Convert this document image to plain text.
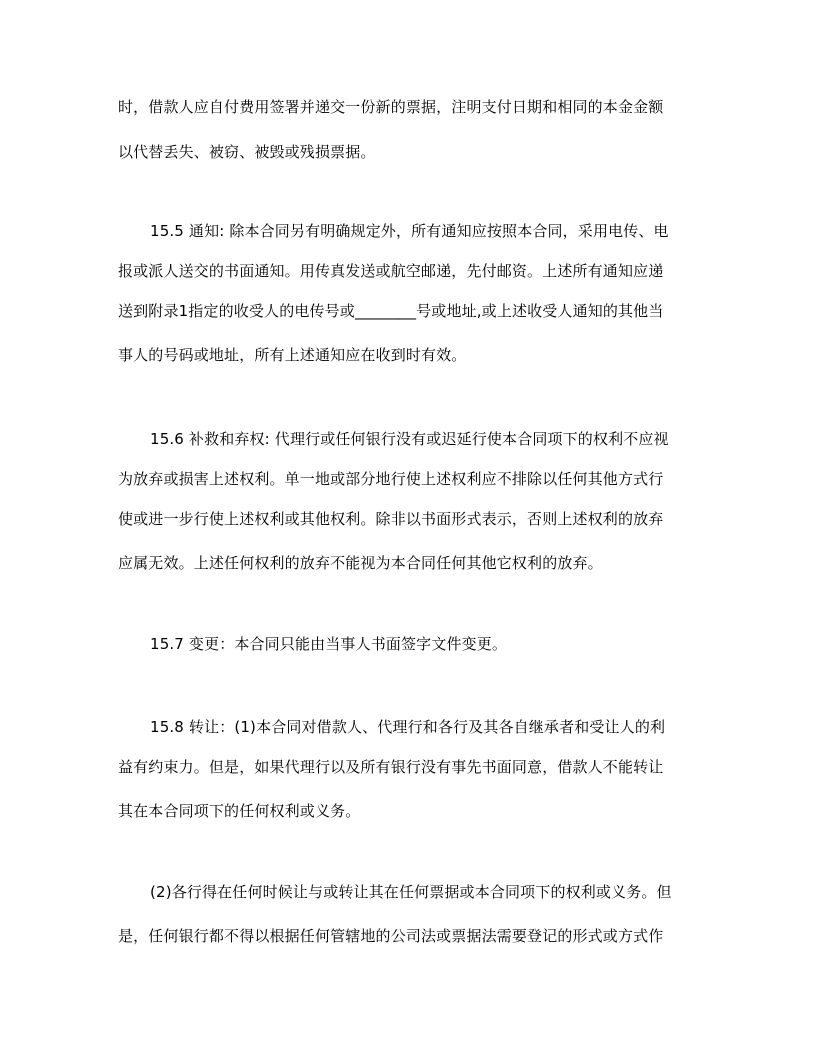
时，借款人应自付费用签署并递交一份新的票据，注明支付日期和相同的本金金额
以代替丢失、被窃、被毁或残损票据。
15.5 通知: 除本合同另有明确规定外，所有通知应按照本合同，采用电传、电
报或派人送交的书面通知。用传真发送或航空邮递，先付邮资。上述所有通知应递
送到附录1指定的收受人的电传号或________号或地址,或上述收受人通知的其他当
事人的号码或地址，所有上述通知应在收到时有效。
15.6 补救和弃权: 代理行或任何银行没有或迟延行使本合同项下的权利不应视
为放弃或损害上述权利。单一地或部分地行使上述权利应不排除以任何其他方式行
使或进一步行使上述权利或其他权利。除非以书面形式表示，否则上述权利的放弃
应属无效。上述任何权利的放弃不能视为本合同任何其他它权利的放弃。
15.7 变更：本合同只能由当事人书面签字文件变更。
15.8 转让：(1)本合同对借款人、代理行和各行及其各自继承者和受让人的利
益有约束力。但是，如果代理行以及所有银行没有事先书面同意，借款人不能转让
其在本合同项下的任何权利或义务。
(2)各行得在任何时候让与或转让其在任何票据或本合同项下的权利或义务。但
是，任何银行都不得以根据任何管辖地的公司法或票据法需要登记的形式或方式作
